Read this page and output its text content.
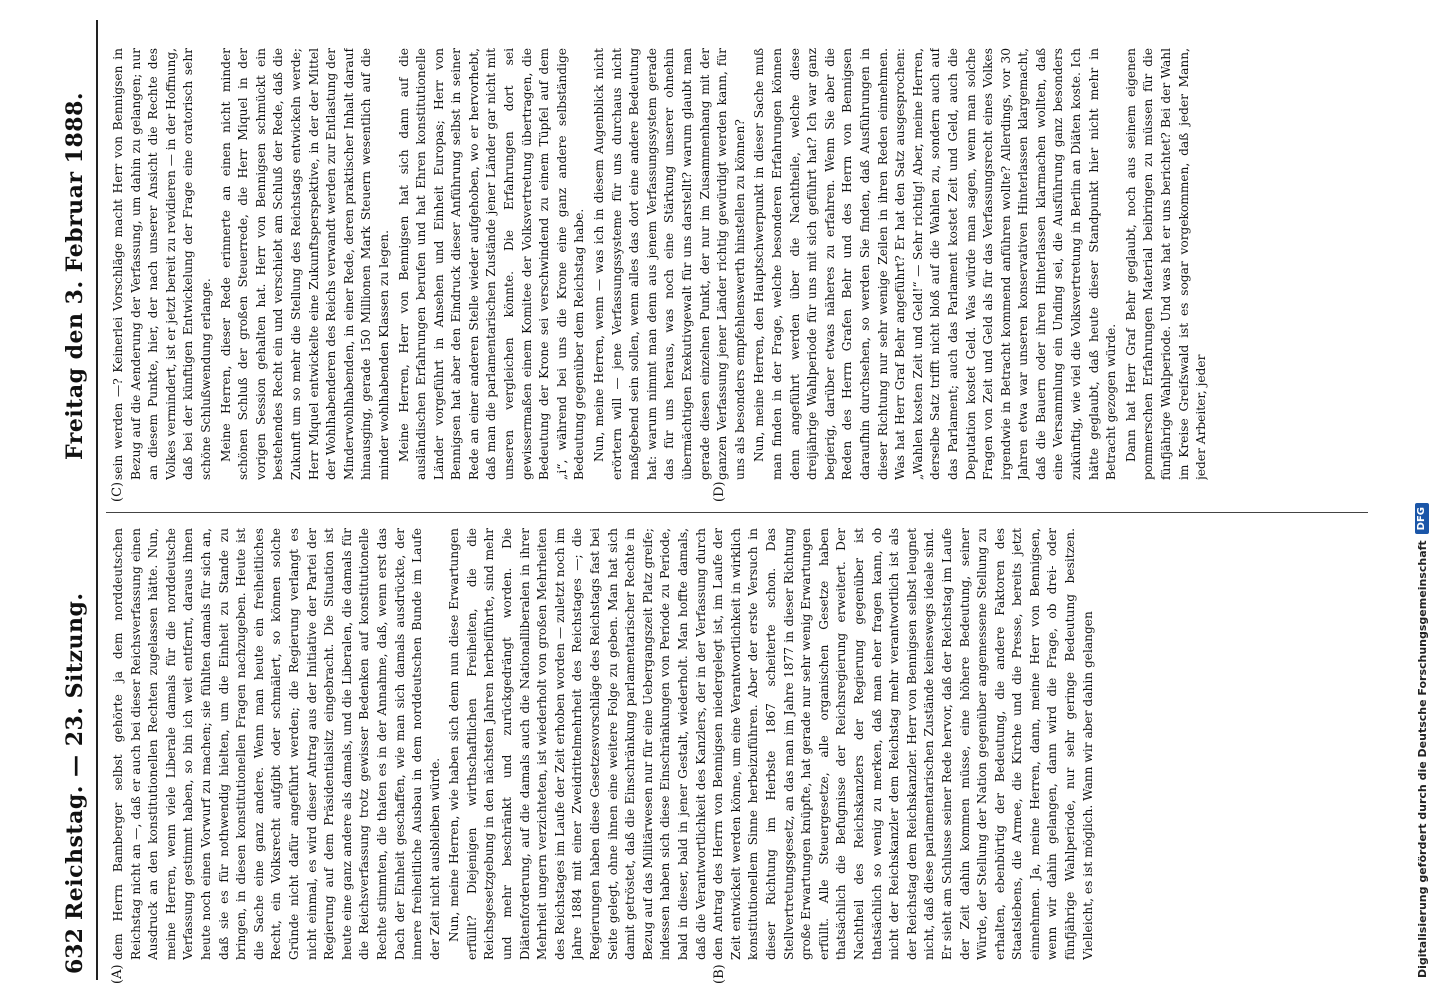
632
Reichstag. — 23. Sitzung.
Freitag den 3. Februar 1888.
(A)	(B)
(C)	(D)

dem Herrn Bamberger selbst gehörte ja dem norddeutschen Reichstag nicht an —, daß er auch bei dieser Reichsverfassung einen Ausdruck an den konstitutionellen Rechten zugelassen hätte. Nun, meine Herren, wenn viele Liberale damals für die norddeutsche Verfassung gestimmt haben, so bin ich weit entfernt, daraus ihnen heute noch einen Vorwurf zu machen; sie fühlten damals für sich an, daß sie es für nothwendig hielten, um die Einheit zu Stande zu bringen, in diesen konstitutionellen Fragen nachzugeben. Heute ist die Sache eine ganz andere. Wenn man heute ein freiheitliches Recht, ein Volksrecht aufgibt oder schmälert, so können solche Gründe nicht dafür angeführt werden; die Regierung verlangt es nicht einmal, es wird dieser Antrag aus der Initiative der Partei der Regierung auf dem Präsidentialsitz eingebracht. Die Situation ist heute eine ganz andere als damals, und die Liberalen, die damals für die Reichsverfassung trotz gewisser Bedenken auf konstitutionelle Rechte stimmten, die thaten es in der Annahme, daß, wenn erst das Dach der Einheit geschaffen, wie man sich damals ausdrückte, der innere freiheitliche Ausbau in dem norddeutschen Bunde im Laufe der Zeit nicht ausbleiben würde. Nun, meine Herren, wie haben sich denn nun diese Erwartungen erfüllt? Diejenigen wirthschaftlichen Freiheiten, die die Reichsgesetzgebung in den nächsten Jahren herbeiführte, sind mehr und mehr beschränkt und zurückgedrängt worden. Die Diätenforderung, auf die damals auch die Nationalliberalen in ihrer Mehrheit ungern verzichteten, ist wiederholt von großen Mehrheiten des Reichstages im Laufe der Zeit erhoben worden — zuletzt noch im Jahre 1884 mit einer Zweidrittelmehrheit des Reichstages —; die Regierungen haben diese Gesetzesvorschläge des Reichstags fast bei Seite gelegt, ohne ihnen eine weitere Folge zu geben. Man hat sich damit getröstet, daß die Einschränkung parlamentarischer Rechte in Bezug auf das Militärwesen nur für eine Uebergangszeit Platz greife; indessen haben sich diese Einschränkungen von Periode zu Periode, bald in dieser, bald in jener Gestalt, wiederholt. Man hoffte damals, daß die Verantwortlichkeit des Kanzlers, der in der Verfassung durch den Antrag des Herrn von Bennigsen niedergelegt ist, im Laufe der Zeit entwickelt werden könne, um eine Verantwortlichkeit in wirklich konstitutionellem Sinne herbeizuführen. Aber der erste Versuch in dieser Richtung im Herbste 1867 scheiterte schon. Das Stellvertretungsgesetz, an das man im Jahre 1877 in dieser Richtung große Erwartungen knüpfte, hat gerade nur sehr wenig Erwartungen erfüllt. Alle Steuergesetze, alle organischen Gesetze haben thatsächlich die Befugnisse der Reichsregierung erweitert. Der Nachtheil des Reichskanzlers der Regierung gegenüber ist thatsächlich so wenig zu merken, daß man eher fragen kann, ob nicht der Reichskanzler dem Reichstag mehr verantwortlich ist als der Reichstag dem Reichskanzler. Herr von Bennigsen selbst leugnet nicht, daß diese parlamentarischen Zustände keineswegs ideale sind. Er sieht am Schlusse seiner Rede hervor, daß der Reichstag im Laufe der Zeit dahin kommen müsse, eine höhere Bedeutung, seiner Würde, der Stellung der Nation gegenüber angemessene Stellung zu erhalten, ebenbürtig der Bedeutung, die andere Faktoren des Staatslebens, die Armee, die Kirche und die Presse, bereits jetzt einnehmen. Ja, meine Herren, dann, meine Herr von Bennigsen, wenn wir dahin gelangen, dann wird die Frage, ob drei- oder fünfjährige Wahlperiode, nur sehr geringe Bedeutung besitzen. Vielleicht, es ist möglich. Wann wir aber dahin gelangen

sein werden —? Keinerlei Vorschläge macht Herr von Bennigsen in Bezug auf die Aenderung der Verfassung, um dahin zu gelangen; nur an diesem Punkte, hier, der nach unserer Ansicht die Rechte des Volkes vermindert, ist er jetzt bereit zu revidieren — in der Hoffnung, daß bei der künftigen Entwickelung der Frage eine oratorisch sehr schöne Schlußwendung erlange. Meine Herren, dieser Rede erinnerte an einen nicht minder schönen Schluß der großen Steuerrede, die Herr Miquel in der vorigen Session gehalten hat. Herr von Bennigsen schmückt ein bestehendes Recht ein und verschiebt am Schluß der Rede, daß die Zukunft um so mehr die Stellung des Reichstags entwickeln werde; Herr Miquel entwickelte eine Zukunftsperspektive, in der der Mittel der Wohlhabenderen des Reichs verwandt werden zur Entlastung der Minderwohlhabenden, in einer Rede, deren praktischer Inhalt darauf hinausging, gerade 150 Millionen Mark Steuern wesentlich auf die minder wohlhabenden Klassen zu legen. Meine Herren, Herr von Bennigsen hat sich dann auf die ausländischen Erfahrungen berufen und hat Ehren konstitutionelle Länder vorgeführt in Ansehen und Einheit Europas; Herr von Bennigsen hat aber den Eindruck dieser Anführung selbst in seiner Rede an einer anderen Stelle wieder aufgehoben, wo er hervorhebt, daß man die parlamentarischen Zustände jener Länder gar nicht mit unseren vergleichen könnte. Die Erfahrungen dort sei gewissermaßen einem Komitee der Volksvertretung übertragen, die Bedeutung der Krone sei verschwindend zu einem Tüpfel auf dem „i“, während bei uns die Krone eine ganz andere selbständige Bedeutung gegenüber dem Reichstag habe. Nun, meine Herren, wenn — was ich in diesem Augenblick nicht erörtern will — jene Verfassungssysteme für uns durchaus nicht maßgebend sein sollen, wenn alles das dort eine andere Bedeutung hat: warum nimmt man denn aus jenem Verfassungssystem gerade das für uns heraus, was noch eine Stärkung unserer ohnehin übermächtigen Exekutivgewalt für uns darstellt? warum glaubt man gerade diesen einzelnen Punkt, der nur im Zusammenhang mit der ganzen Verfassung jener Länder richtig gewürdigt werden kann, für uns als besonders empfehlenswerth hinstellen zu können? Nun, meine Herren, den Hauptschwerpunkt in dieser Sache muß man finden in der Frage, welche besonderen Erfahrungen können denn angeführt werden über die Nachtheile, welche diese dreijährige Wahlperiode für uns mit sich geführt hat? Ich war ganz begierig, darüber etwas näheres zu erfahren. Wenn Sie aber die Reden des Herrn Grafen Behr und des Herrn von Bennigsen daraufhin durchsehen, so werden Sie finden, daß Ausführungen in dieser Richtung nur sehr wenige Zeilen in ihren Reden einnehmen. Was hat Herr Graf Behr angeführt? Er hat den Satz ausgesprochen: „Wahlen kosten Zeit und Geld!“ — Sehr richtig! Aber, meine Herren, derselbe Satz trifft nicht bloß auf die Wahlen zu, sondern auch auf das Parlament; auch das Parlament kostet Zeit und Geld, auch die Deputation kostet Geld. Was würde man sagen, wenn man solche Fragen von Zeit und Geld als für das Verfassungsrecht eines Volkes irgendwie in Betracht kommend anführen wollte? Allerdings, vor 30 Jahren etwa war unseren konservativen Hinterlassen klargemacht, daß die Bauern oder ihren Hinterlassen klarmachen wollten, daß eine Versammlung ein Unding sei, die Ausführung ganz besonders zukünftig, wie viel die Volksvertretung in Berlin an Diäten koste. Ich hätte geglaubt, daß heute dieser Standpunkt hier nicht mehr in Betracht gezogen würde. Dann hat Herr Graf Behr geglaubt, noch aus seinem eigenen pommerschen Erfahrungen Material beibringen zu müssen für die fünfjährige Wahlperiode. Und was hat er uns berichtet? Bei der Wahl im Kreise Greifswald ist es sogar vorgekommen, daß jeder Mann, jeder Arbeiter, jeder

Digitalisierung gefördert durch die Deutsche Forschungsgemeinschaft
DFG
